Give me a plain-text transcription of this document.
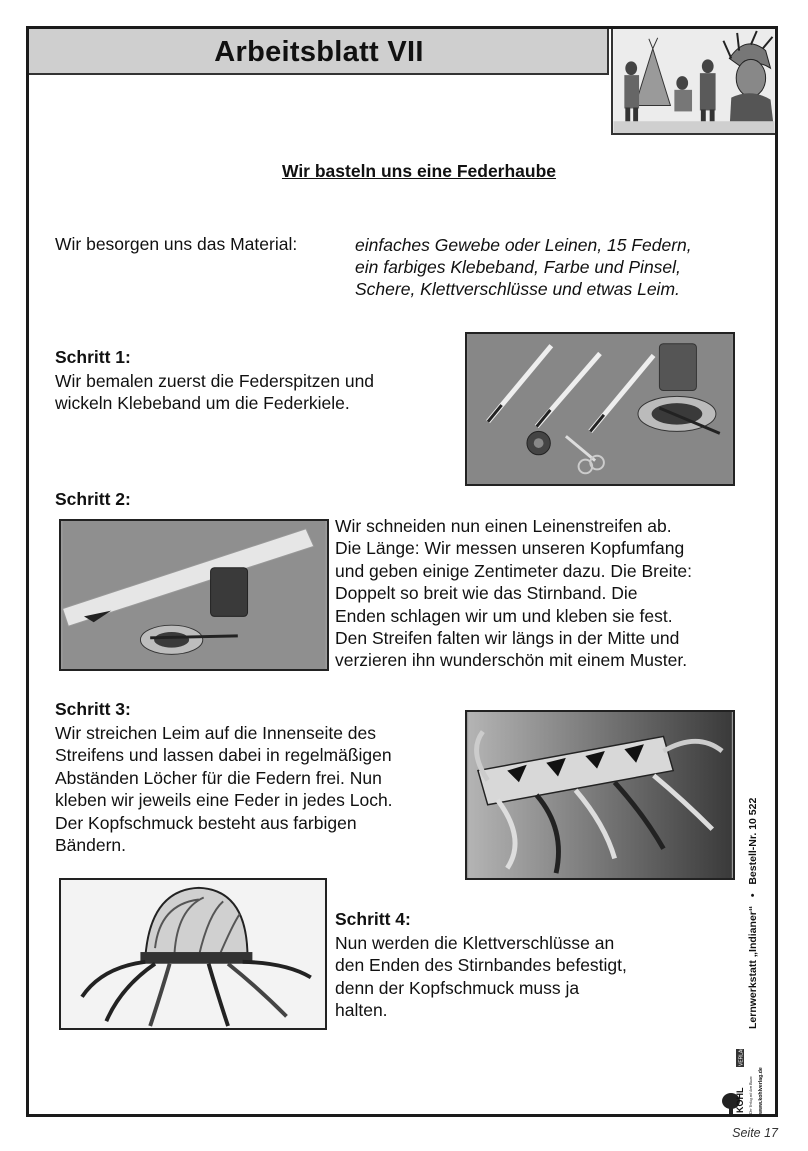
Arbeitsblatt VII
Wir basteln uns eine Federhaube
Wir besorgen uns das Material:	einfaches Gewebe oder Leinen, 15 Federn,
ein farbiges Klebeband, Farbe und Pinsel,
Schere, Klettverschlüsse und etwas Leim.
Schritt 1:
Wir bemalen zuerst die Federspitzen und
wickeln Klebeband um die Federkiele.
Schritt 2:
Wir schneiden nun einen Leinenstreifen ab.
Die Länge: Wir messen unseren Kopfumfang
und geben einige Zentimeter dazu. Die Breite:
Doppelt so breit wie das Stirnband. Die
Enden schlagen wir um und kleben sie fest.
Den Streifen falten wir längs in der Mitte und
verzieren ihn wunderschön mit einem Muster.
Schritt 3:
Wir streichen Leim auf die Innenseite des
Streifens und lassen dabei in regelmäßigen
Abständen Löcher für die Federn frei. Nun
kleben wir jeweils eine Feder in jedes Loch.
Der Kopfschmuck besteht aus farbigen
Bändern.
Schritt 4:
Nun werden die Klettverschlüsse an
den Enden des Stirnbandes befestigt,
denn der Kopfschmuck muss ja
halten.	Lernwerkstatt „Indianer“   •   Bestell-Nr. 10 522
KOHL
VERLAG
Der Verlag mit dem Baum www.kohlverlag.de
Seite 17
